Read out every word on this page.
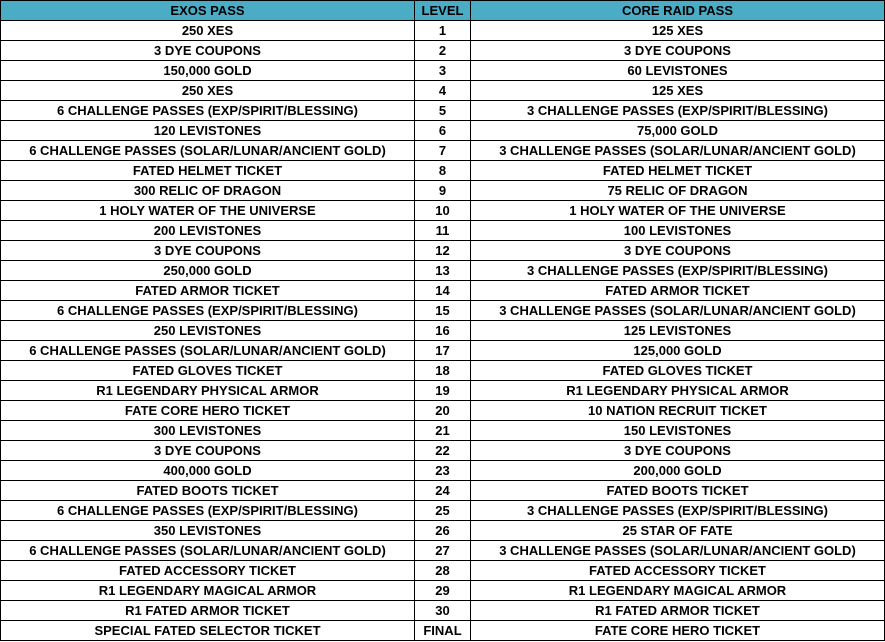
EXOS PASS	LEVEL	CORE RAID PASS
250 XES	1	125 XES
3 DYE COUPONS	2	3 DYE COUPONS
150,000 GOLD	3	60 LEVISTONES
250 XES	4	125 XES
6 CHALLENGE PASSES (EXP/SPIRIT/BLESSING)	5	3 CHALLENGE PASSES (EXP/SPIRIT/BLESSING)
120 LEVISTONES	6	75,000 GOLD
6 CHALLENGE PASSES (SOLAR/LUNAR/ANCIENT GOLD)	7	3 CHALLENGE PASSES (SOLAR/LUNAR/ANCIENT GOLD)
FATED HELMET TICKET	8	FATED HELMET TICKET
300 RELIC OF DRAGON	9	75 RELIC OF DRAGON
1 HOLY WATER OF THE UNIVERSE	10	1 HOLY WATER OF THE UNIVERSE
200 LEVISTONES	11	100 LEVISTONES
3 DYE COUPONS	12	3 DYE COUPONS
250,000 GOLD	13	3 CHALLENGE PASSES (EXP/SPIRIT/BLESSING)
FATED ARMOR TICKET	14	FATED ARMOR TICKET
6 CHALLENGE PASSES (EXP/SPIRIT/BLESSING)	15	3 CHALLENGE PASSES (SOLAR/LUNAR/ANCIENT GOLD)
250 LEVISTONES	16	125 LEVISTONES
6 CHALLENGE PASSES (SOLAR/LUNAR/ANCIENT GOLD)	17	125,000 GOLD
FATED GLOVES TICKET	18	FATED GLOVES TICKET
R1 LEGENDARY PHYSICAL ARMOR	19	R1 LEGENDARY PHYSICAL ARMOR
FATE CORE HERO TICKET	20	10 NATION RECRUIT TICKET
300 LEVISTONES	21	150 LEVISTONES
3 DYE COUPONS	22	3 DYE COUPONS
400,000 GOLD	23	200,000 GOLD
FATED BOOTS TICKET	24	FATED BOOTS TICKET
6 CHALLENGE PASSES (EXP/SPIRIT/BLESSING)	25	3 CHALLENGE PASSES (EXP/SPIRIT/BLESSING)
350 LEVISTONES	26	25 STAR OF FATE
6 CHALLENGE PASSES (SOLAR/LUNAR/ANCIENT GOLD)	27	3 CHALLENGE PASSES (SOLAR/LUNAR/ANCIENT GOLD)
FATED ACCESSORY TICKET	28	FATED ACCESSORY TICKET
R1 LEGENDARY MAGICAL ARMOR	29	R1 LEGENDARY MAGICAL ARMOR
R1 FATED ARMOR TICKET	30	R1 FATED ARMOR TICKET
SPECIAL FATED SELECTOR TICKET	FINAL	FATE CORE HERO TICKET
